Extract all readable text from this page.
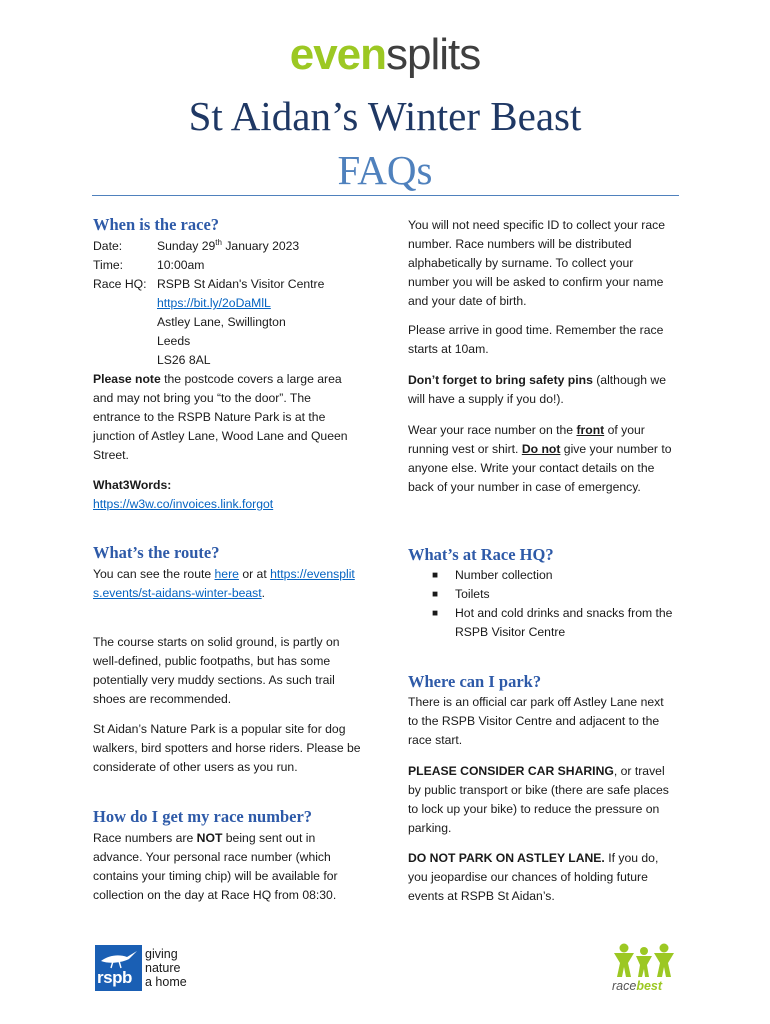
evensplits
St Aidan’s Winter Beast
FAQs
When is the race?
Date:	Sunday 29th January 2023
Time:	10:00am
Race HQ: RSPB St Aidan's Visitor Centre
https://bit.ly/2oDaMlL
Astley Lane, Swillington
Leeds
LS26 8AL

Please note the postcode covers a large area and may not bring you “to the door”. The entrance to the RSPB Nature Park is at the junction of Astley Lane, Wood Lane and Queen Street.

What3Words:

https://w3w.co/invoices.link.forgot

What’s the route?

You can see the route here or at https://evensplits.events/st-aidans-winter-beast.

The course starts on solid ground, is partly on well-defined, public footpaths, but has some potentially very muddy sections. As such trail shoes are recommended.

St Aidan’s Nature Park is a popular site for dog walkers, bird spotters and horse riders. Please be considerate of other users as you run.

How do I get my race number?

Race numbers are NOT being sent out in advance. Your personal race number (which contains your timing chip) will be available for collection on the day at Race HQ from 08:30.

You will not need specific ID to collect your race number. Race numbers will be distributed alphabetically by surname. To collect your number you will be asked to confirm your name and your date of birth.

Please arrive in good time. Remember the race starts at 10am.

Don’t forget to bring safety pins (although we will have a supply if you do!).

Wear your race number on the front of your running vest or shirt. Do not give your number to anyone else. Write your contact details on the back of your number in case of emergency.

What’s at Race HQ?
■ Number collection
■ Toilets
■ Hot and cold drinks and snacks from the RSPB Visitor Centre
Where can I park?

There is an official car park off Astley Lane next to the RSPB Visitor Centre and adjacent to the race start.

PLEASE CONSIDER CAR SHARING, or travel by public transport or bike (there are safe places to lock up your bike) to reduce the pressure on parking.

DO NOT PARK ON ASTLEY LANE. If you do, you jeopardise our chances of holding future events at RSPB St Aidan’s.

rspb
giving
nature
a home	racebest
